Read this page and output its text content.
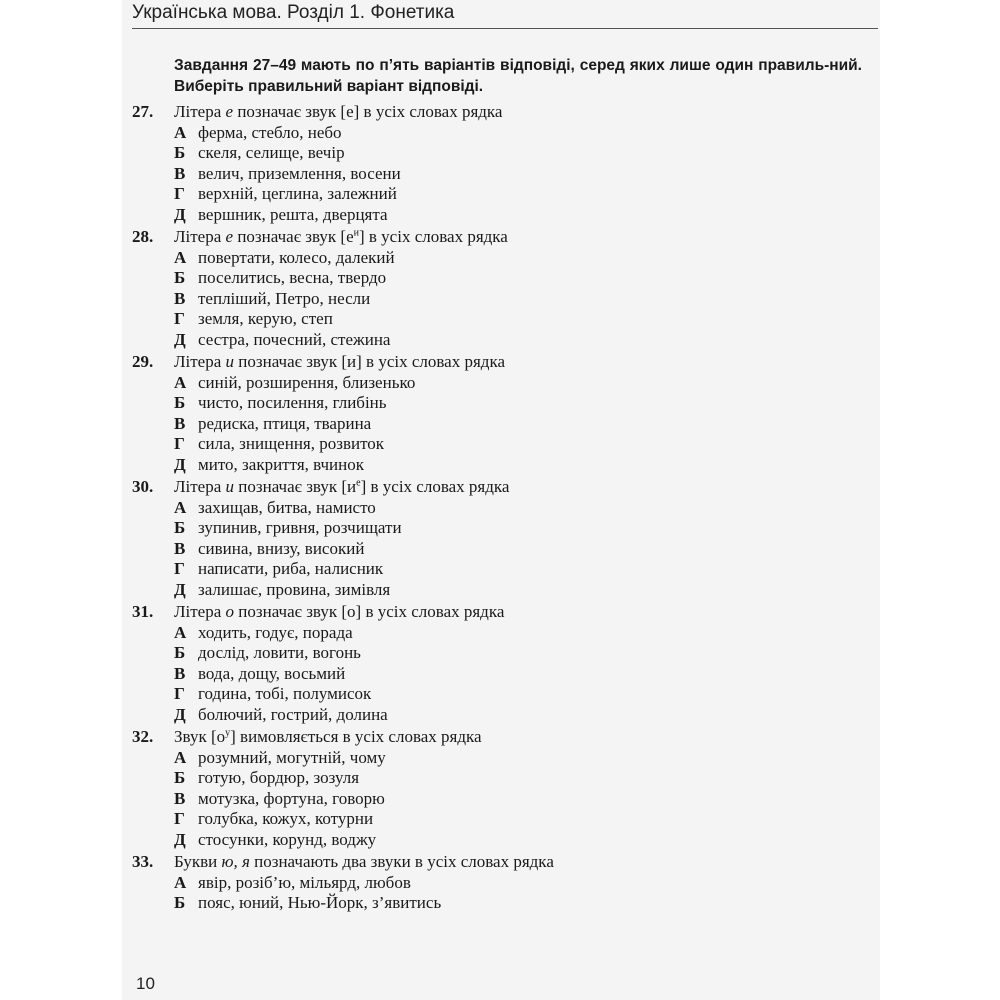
Українська мова. Розділ 1. Фонетика
Завдання 27–49 мають по п’ять варіантів відповіді, серед яких лише один правиль-ний. Виберіть правильний варіант відповіді.
27.	Літера е позначає звук [е] в усіх словах рядка
А ферма, стебло, небо
Б скеля, селище, вечір
В велич, приземлення, восени
Г верхній, цеглина, залежний
Д вершник, решта, дверцята
28.	Літера е позначає звук $[е^и]$ в усіх словах рядка
А повертати, колесо, далекий
Б поселитись, весна, твердо
В тепліший, Петро, несли
Г земля, керую, степ
Д сестра, почесний, стежина
29.	Літера и позначає звук [и] в усіх словах рядка
А синій, розширення, близенько
Б чисто, посилення, глибінь
В редиска, птиця, тварина
Г сила, знищення, розвиток
Д мито, закриття, вчинок
30.	Літера и позначає звук $[и^е]$ в усіх словах рядка
А захищав, битва, намисто
Б зупинив, гривня, розчищати
В сивина, внизу, високий
Г написати, риба, налисник
Д залишає, провина, зимівля
31.	Літера о позначає звук [о] в усіх словах рядка
А ходить, годує, порада
Б дослід, ловити, вогонь
В вода, дощу, восьмий
Г година, тобі, полумисок
Д болючий, гострий, долина
32.	Звук $[о^у]$ вимовляється в усіх словах рядка
А розумний, могутній, чому
Б готую, бордюр, зозуля
В мотузка, фортуна, говорю
Г голубка, кожух, котурни
Д стосунки, корунд, воджу
33.	Букви ю, я позначають два звуки в усіх словах рядка
А явір, розіб’ю, мільярд, любов
Б пояс, юний, Нью-Йорк, з’явитись
10
